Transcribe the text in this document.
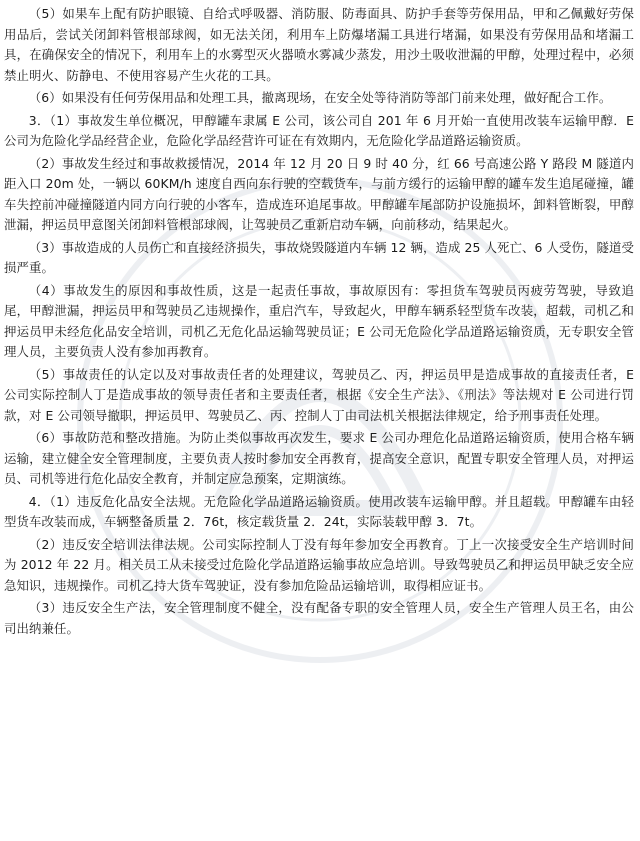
（5）如果车上配有防护眼镜、自给式呼吸器、消防服、防毒面具、防护手套等劳保用品，甲和乙佩戴好劳保用品后，尝试关闭卸料管根部球阀，如无法关闭，利用车上防爆堵漏工具进行堵漏，如果没有劳保用品和堵漏工具，在确保安全的情况下，利用车上的水雾型灭火器喷水雾减少蒸发，用沙土吸收泄漏的甲醇，处理过程中，必须禁止明火、防静电、不使用容易产生火花的工具。

（6）如果没有任何劳保用品和处理工具，撤离现场，在安全处等待消防等部门前来处理，做好配合工作。

3．（1）事故发生单位概况，甲醇罐车隶属 E 公司，该公司自 201 年 6 月开始一直使用改装车运输甲醇．E 公司为危险化学品经营企业，危险化学品经营许可证在有效期内，无危险化学品道路运输资质。

（2）事故发生经过和事故救援情况，2014 年 12 月 20 日 9 时 40 分，红 66 号高速公路 Y 路段 M 隧道内距入口 20m 处，一辆以 60KM/h 速度自西向东行驶的空载货车，与前方缓行的运输甲醇的罐车发生追尾碰撞，罐车失控前冲碰撞隧道内同方向行驶的小客车，造成连环追尾事故。甲醇罐车尾部防护设施损坏，卸料管断裂，甲醇泄漏，押运员甲意图关闭卸料管根部球阀，让驾驶员乙重新启动车辆，向前移动，结果起火。

（3）事故造成的人员伤亡和直接经济损失，事故烧毁隧道内车辆 12 辆，造成 25 人死亡、6 人受伤，隧道受损严重。

（4）事故发生的原因和事故性质，这是一起责任事故，事故原因有：零担货车驾驶员丙疲劳驾驶，导致追尾，甲醇泄漏，押运员甲和驾驶员乙违规操作，重启汽车，导致起火，甲醇车辆系轻型货车改装，超载，司机乙和押运员甲未经危化品安全培训，司机乙无危化品运输驾驶员证；E 公司无危险化学品道路运输资质，无专职安全管理人员，主要负责人没有参加再教育。

（5）事故责任的认定以及对事故责任者的处理建议，驾驶员乙、丙，押运员甲是造成事故的直接责任者，E 公司实际控制人丁是造成事故的领导责任者和主要责任者，根据《安全生产法》、《刑法》等法规对 E 公司进行罚款，对 E 公司领导撤职，押运员甲、驾驶员乙、丙、控制人丁由司法机关根据法律规定，给予刑事责任处理。

（6）事故防范和整改措施。为防止类似事故再次发生，要求 E 公司办理危化品道路运输资质，使用合格车辆运输，建立健全安全管理制度，主要负责人按时参加安全再教育，提高安全意识，配置专职安全管理人员，对押运员、司机等进行危化品安全教育，并制定应急预案，定期演练。

4．（1）违反危化品安全法规。无危险化学品道路运输资质。使用改装车运输甲醇。并且超载。甲醇罐车由轻型货车改装而成，车辆整备质量 2．76t，核定载货量 2．24t，实际装载甲醇 3．7t。

（2）违反安全培训法律法规。公司实际控制人丁没有每年参加安全再教育。丁上一次接受安全生产培训时间为 2012 年 22 月。相关员工从未接受过危险化学品道路运输事故应急培训。导致驾驶员乙和押运员甲缺乏安全应急知识，违规操作。司机乙持大货车驾驶证，没有参加危险品运输培训，取得相应证书。

（3）违反安全生产法，安全管理制度不健全，没有配备专职的安全管理人员，安全生产管理人员王名，由公司出纳兼任。
